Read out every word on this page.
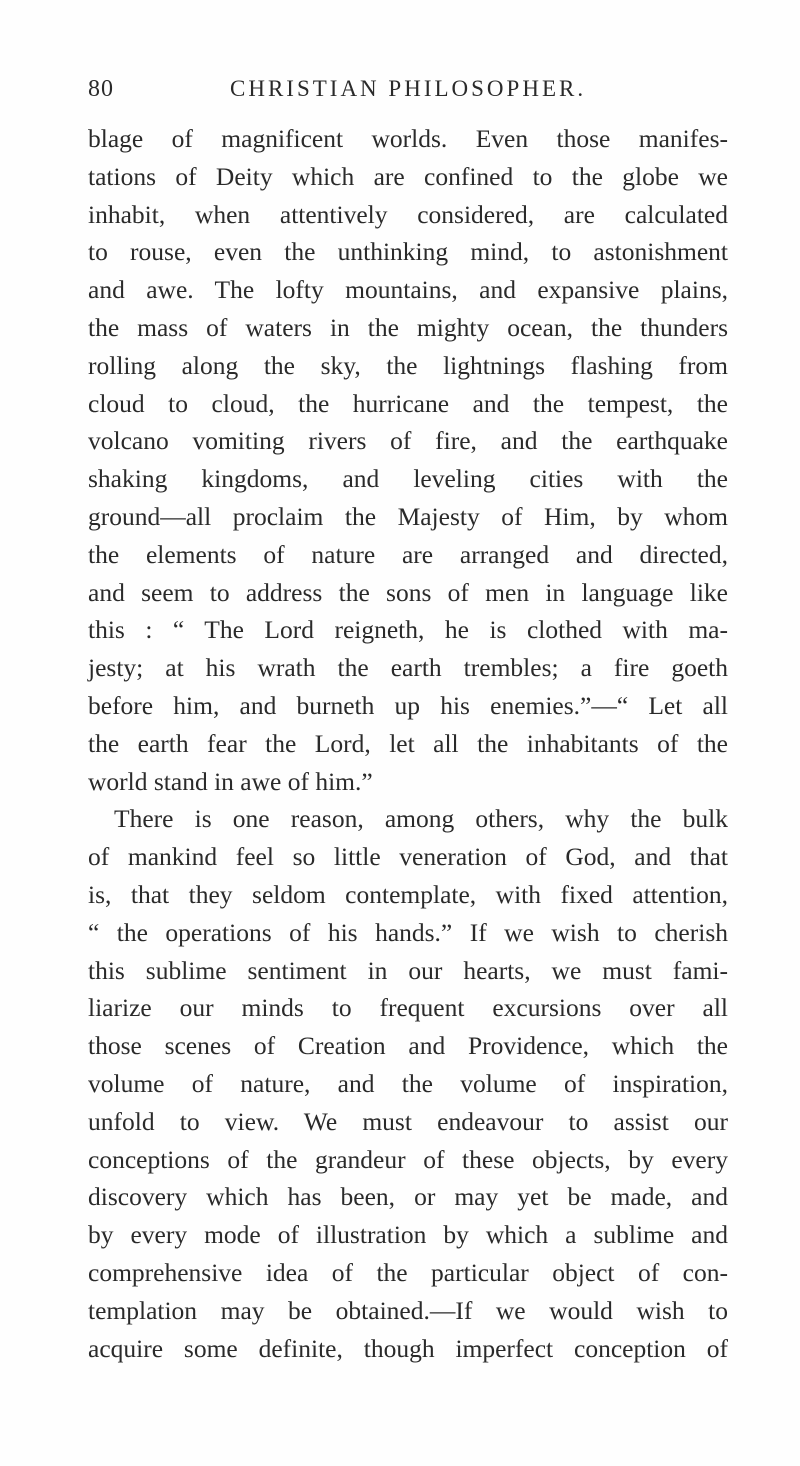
80	CHRISTIAN PHILOSOPHER.
blage of magnificent worlds. Even those manifes-
tations of Deity which are confined to the globe we
inhabit, when attentively considered, are calculated
to rouse, even the unthinking mind, to astonishment
and awe. The lofty mountains, and expansive plains,
the mass of waters in the mighty ocean, the thunders
rolling along the sky, the lightnings flashing from
cloud to cloud, the hurricane and the tempest, the
volcano vomiting rivers of fire, and the earthquake
shaking kingdoms, and leveling cities with the
ground—all proclaim the Majesty of Him, by whom
the elements of nature are arranged and directed,
and seem to address the sons of men in language like
this : “ The Lord reigneth, he is clothed with ma-
jesty; at his wrath the earth trembles; a fire goeth
before him, and burneth up his enemies.”—“ Let all
the earth fear the Lord, let all the inhabitants of the
world stand in awe of him.”
There is one reason, among others, why the bulk
of mankind feel so little veneration of God, and that
is, that they seldom contemplate, with fixed attention,
“ the operations of his hands.” If we wish to cherish
this sublime sentiment in our hearts, we must fami-
liarize our minds to frequent excursions over all
those scenes of Creation and Providence, which the
volume of nature, and the volume of inspiration,
unfold to view. We must endeavour to assist our
conceptions of the grandeur of these objects, by every
discovery which has been, or may yet be made, and
by every mode of illustration by which a sublime and
comprehensive idea of the particular object of con-
templation may be obtained.—If we would wish to
acquire some definite, though imperfect conception of
